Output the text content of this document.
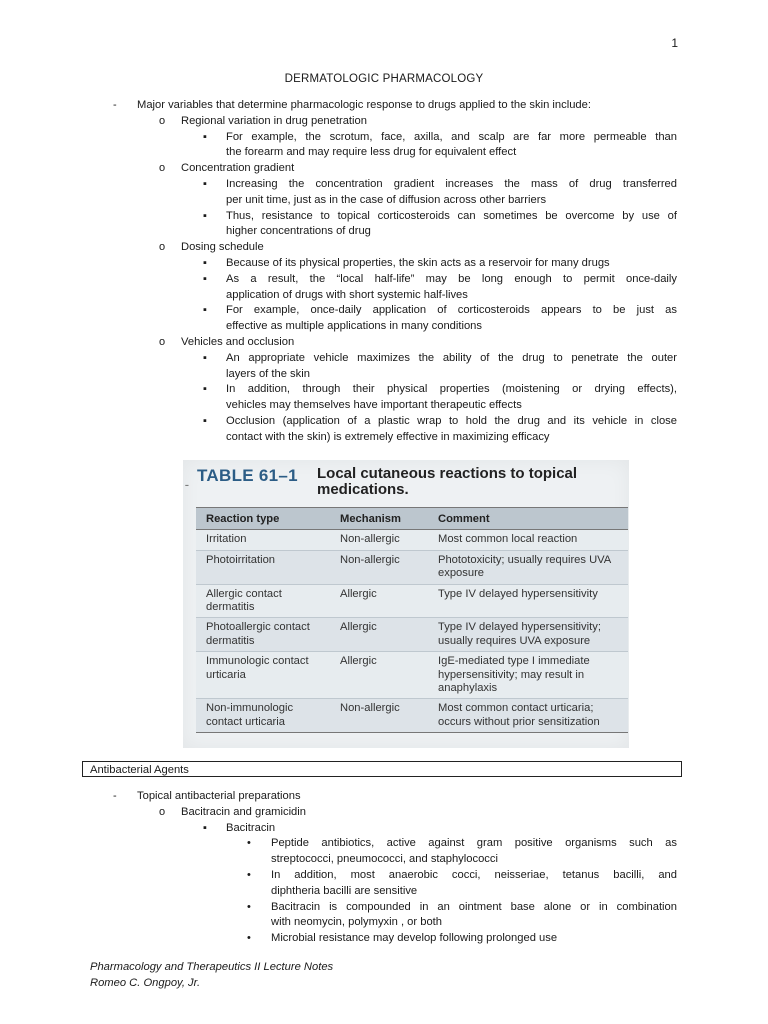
1
DERMATOLOGIC PHARMACOLOGY
- Major variables that determine pharmacologic response to drugs applied to the skin include:
o Regional variation in drug penetration
▪ For example, the scrotum, face, axilla, and scalp are far more permeable than
the forearm and may require less drug for equivalent effect
o Concentration gradient
▪ Increasing the concentration gradient increases the mass of drug transferred
per unit time, just as in the case of diffusion across other barriers
▪ Thus, resistance to topical corticosteroids can sometimes be overcome by use of
higher concentrations of drug
o Dosing schedule
▪ Because of its physical properties, the skin acts as a reservoir for many drugs
▪ As a result, the “local half-life” may be long enough to permit once-daily
application of drugs with short systemic half-lives
▪ For example, once-daily application of corticosteroids appears to be just as
effective as multiple applications in many conditions
o Vehicles and occlusion
▪ An appropriate vehicle maximizes the ability of the drug to penetrate the outer
layers of the skin
▪ In addition, through their physical properties (moistening or drying effects),
vehicles may themselves have important therapeutic effects
▪ Occlusion (application of a plastic wrap to hold the drug and its vehicle in close
contact with the skin) is extremely effective in maximizing efficacy
TABLE 61–1 Local cutaneous reactions to topical medications.
ˉ
Reaction type	Mechanism	Comment
Irritation	Non-allergic	Most common local reaction
Photoirritation	Non-allergic	Phototoxicity; usually requires UVA exposure
Allergic contact dermatitis	Allergic	Type IV delayed hypersensitivity
Photoallergic contact dermatitis	Allergic	Type IV delayed hypersensitivity; usually requires UVA exposure
Immunologic contact urticaria	Allergic	IgE-mediated type I immediate hypersensitivity; may result in anaphylaxis
Non-immunologic contact urticaria	Non-allergic	Most common contact urticaria; occurs without prior sensitization
Antibacterial Agents
- Topical antibacterial preparations
o Bacitracin and gramicidin
▪ Bacitracin
• Peptide antibiotics, active against gram positive organisms such as
streptococci, pneumococci, and staphylococci
• In addition, most anaerobic cocci, neisseriae, tetanus bacilli, and
diphtheria bacilli are sensitive
• Bacitracin is compounded in an ointment base alone or in combination
with neomycin, polymyxin , or both
• Microbial resistance may develop following prolonged use
Pharmacology and Therapeutics II Lecture Notes
Romeo C. Ongpoy, Jr.
